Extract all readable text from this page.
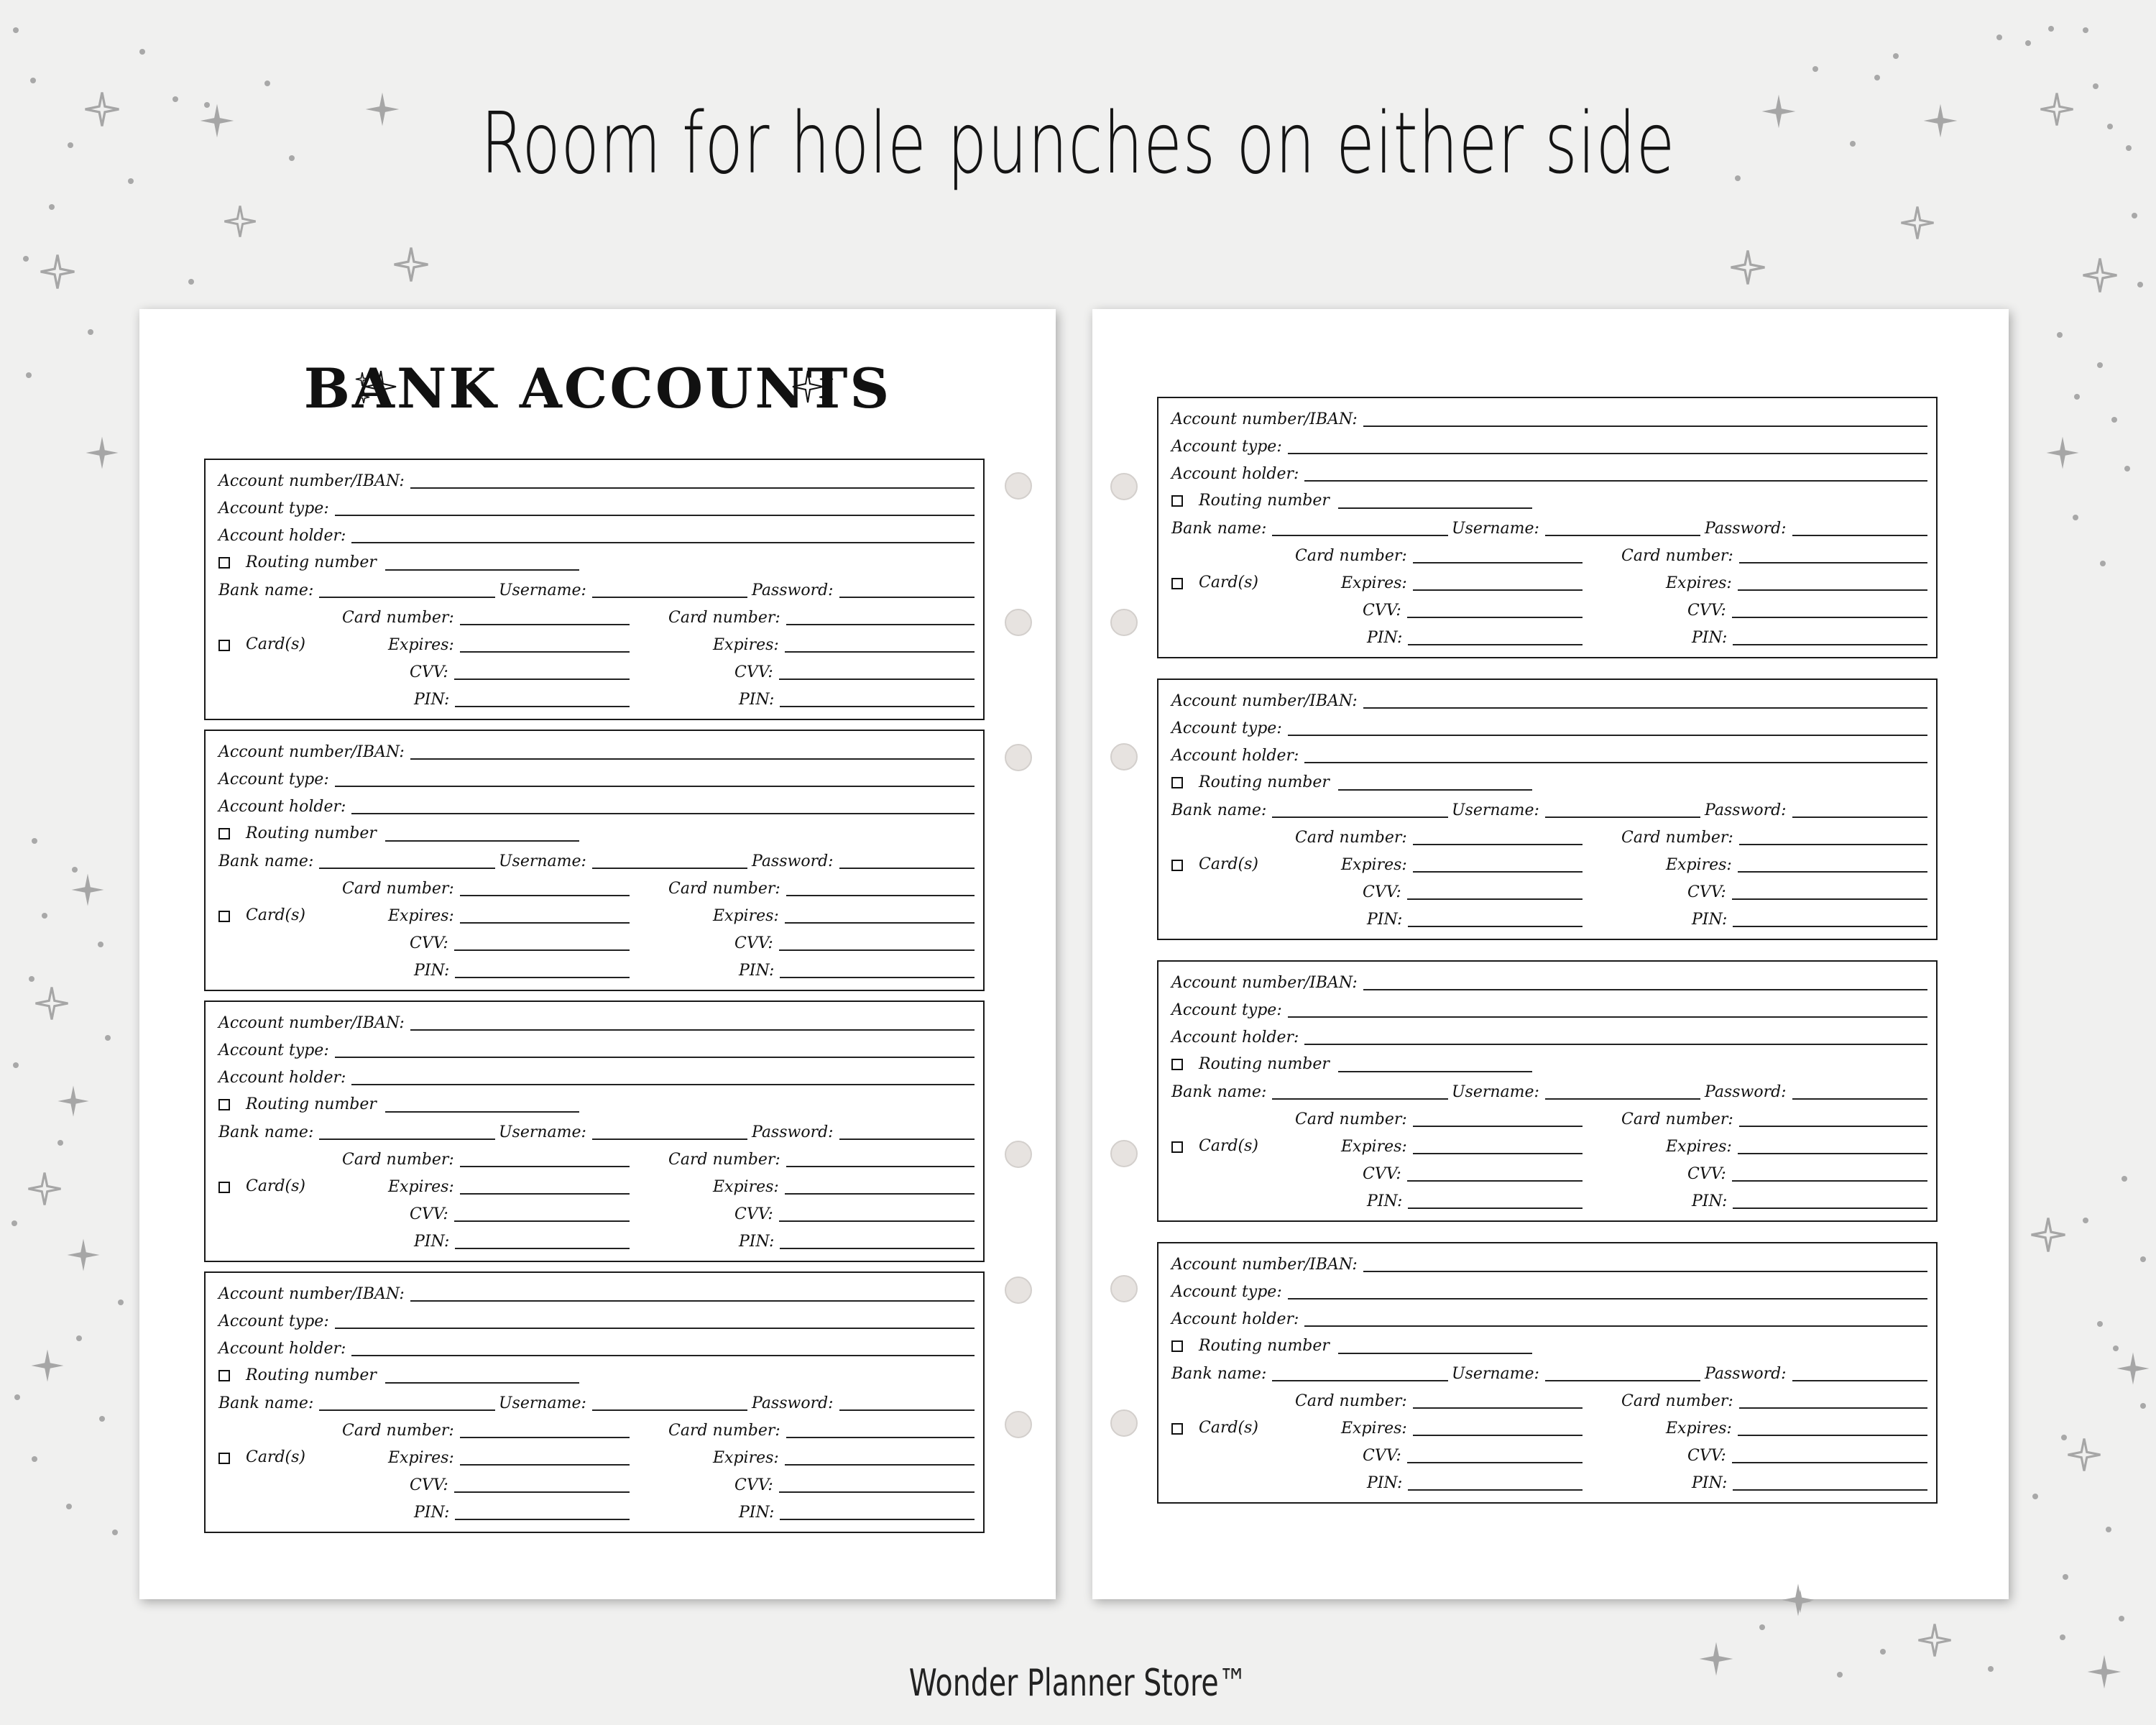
Room for hole punches on either side
BANK ACCOUNTS
Account number/IBAN:
Account type:
Account holder:
Routing number
Bank name:	Username:	Password:
Card number:	Card number:
Card(s)	Expires:	Expires:
CVV:	CVV:
PIN:	PIN:
Account number/IBAN:
Account type:
Account holder:
Routing number
Bank name:	Username:	Password:
Card number:	Card number:
Card(s)	Expires:	Expires:
CVV:	CVV:
PIN:	PIN:
Account number/IBAN:
Account type:
Account holder:
Routing number
Bank name:	Username:	Password:
Card number:	Card number:
Card(s)	Expires:	Expires:
CVV:	CVV:
PIN:	PIN:
Account number/IBAN:
Account type:
Account holder:
Routing number
Bank name:	Username:	Password:
Card number:	Card number:
Card(s)	Expires:	Expires:
CVV:	CVV:
PIN:	PIN:
Account number/IBAN:
Account type:
Account holder:
Routing number
Bank name:	Username:	Password:
Card number:	Card number:
Card(s)	Expires:	Expires:
CVV:	CVV:
PIN:	PIN:
Account number/IBAN:
Account type:
Account holder:
Routing number
Bank name:	Username:	Password:
Card number:	Card number:
Card(s)	Expires:	Expires:
CVV:	CVV:
PIN:	PIN:
Account number/IBAN:
Account type:
Account holder:
Routing number
Bank name:	Username:	Password:
Card number:	Card number:
Card(s)	Expires:	Expires:
CVV:	CVV:
PIN:	PIN:
Account number/IBAN:
Account type:
Account holder:
Routing number
Bank name:	Username:	Password:
Card number:	Card number:
Card(s)	Expires:	Expires:
CVV:	CVV:
PIN:	PIN:
Wonder Planner Store™
